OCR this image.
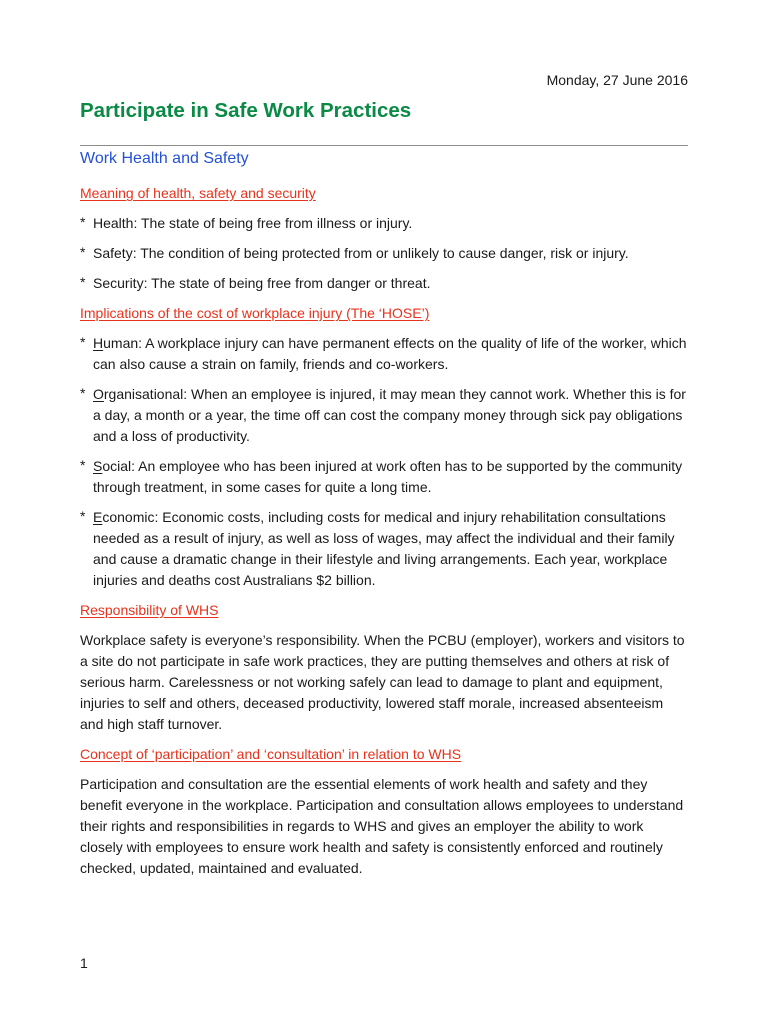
Monday, 27 June 2016
Participate in Safe Work Practices
Work Health and Safety
Meaning of health, safety and security
* Health: The state of being free from illness or injury.
* Safety: The condition of being protected from or unlikely to cause danger, risk or injury.
* Security: The state of being free from danger or threat.
Implications of the cost of workplace injury (The ‘HOSE’)
* Human: A workplace injury can have permanent effects on the quality of life of the worker, which can also cause a strain on family, friends and co-workers.
* Organisational: When an employee is injured, it may mean they cannot work. Whether this is for a day, a month or a year, the time off can cost the company money through sick pay obligations and a loss of productivity.
* Social: An employee who has been injured at work often has to be supported by the community through treatment, in some cases for quite a long time.
* Economic: Economic costs, including costs for medical and injury rehabilitation consultations needed as a result of injury, as well as loss of wages, may affect the individual and their family and cause a dramatic change in their lifestyle and living arrangements. Each year, workplace injuries and deaths cost Australians $2 billion.
Responsibility of WHS

Workplace safety is everyone’s responsibility. When the PCBU (employer), workers and visitors to a site do not participate in safe work practices, they are putting themselves and others at risk of serious harm. Carelessness or not working safely can lead to damage to plant and equipment, injuries to self and others, deceased productivity, lowered staff morale, increased absenteeism and high staff turnover.

Concept of ‘participation’ and ‘consultation’ in relation to WHS

Participation and consultation are the essential elements of work health and safety and they benefit everyone in the workplace. Participation and consultation allows employees to understand their rights and responsibilities in regards to WHS and gives an employer the ability to work closely with employees to ensure work health and safety is consistently enforced and routinely checked, updated, maintained and evaluated.

1
